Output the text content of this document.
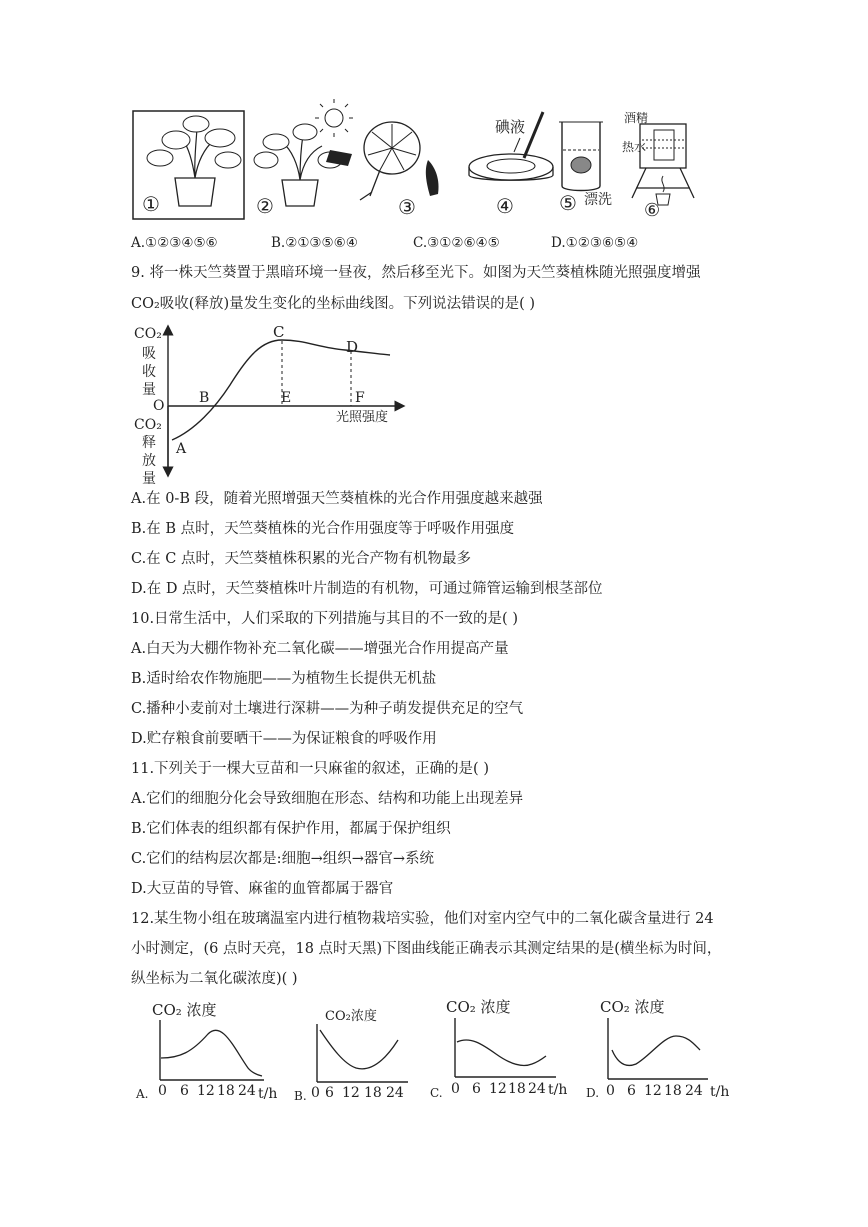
①	②	③	④ ⑤	⑥
碘液
漂洗
酒精
热水
A.①②③④⑤⑥	B.②①③⑤⑥④	C.③①②⑥④⑤	D.①②③⑥⑤④
9. 将一株天竺葵置于黑暗环境一昼夜，然后移至光下。如图为天竺葵植株随光照强度增强
CO₂吸收(释放)量发生变化的坐标曲线图。下列说法错误的是( )
CO₂
吸
收
量
O
CO₂
释
放
量
A
B
C
D
E	F
光照强度
A.在 0-B 段，随着光照增强天竺葵植株的光合作用强度越来越强
B.在 B 点时，天竺葵植株的光合作用强度等于呼吸作用强度
C.在 C 点时，天竺葵植株积累的光合产物有机物最多
D.在 D 点时，天竺葵植株叶片制造的有机物，可通过筛管运输到根茎部位
10.日常生活中，人们采取的下列措施与其目的不一致的是( )
A.白天为大棚作物补充二氧化碳——增强光合作用提高产量
B.适时给农作物施肥——为植物生长提供无机盐
C.播种小麦前对土壤进行深耕——为种子萌发提供充足的空气
D.贮存粮食前要晒干——为保证粮食的呼吸作用
11.下列关于一棵大豆苗和一只麻雀的叙述，正确的是( )
A.它们的细胞分化会导致细胞在形态、结构和功能上出现差异
B.它们体表的组织都有保护作用，都属于保护组织
C.它们的结构层次都是:细胞→组织→器官→系统
D.大豆苗的导管、麻雀的血管都属于器官
12.某生物小组在玻璃温室内进行植物栽培实验，他们对室内空气中的二氧化碳含量进行 24
小时测定，(6 点时天亮，18 点时天黑)下图曲线能正确表示其测定结果的是(横坐标为时间，
纵坐标为二氧化碳浓度)( )
CO₂ 浓度
A. 0 6 12 18 24 t/h
CO₂浓度
B. 0 6 12 18 24
CO₂ 浓度
C. 0 6 12 18 24 t/h
CO₂ 浓度
D. 0 6 12 18 24 t/h
